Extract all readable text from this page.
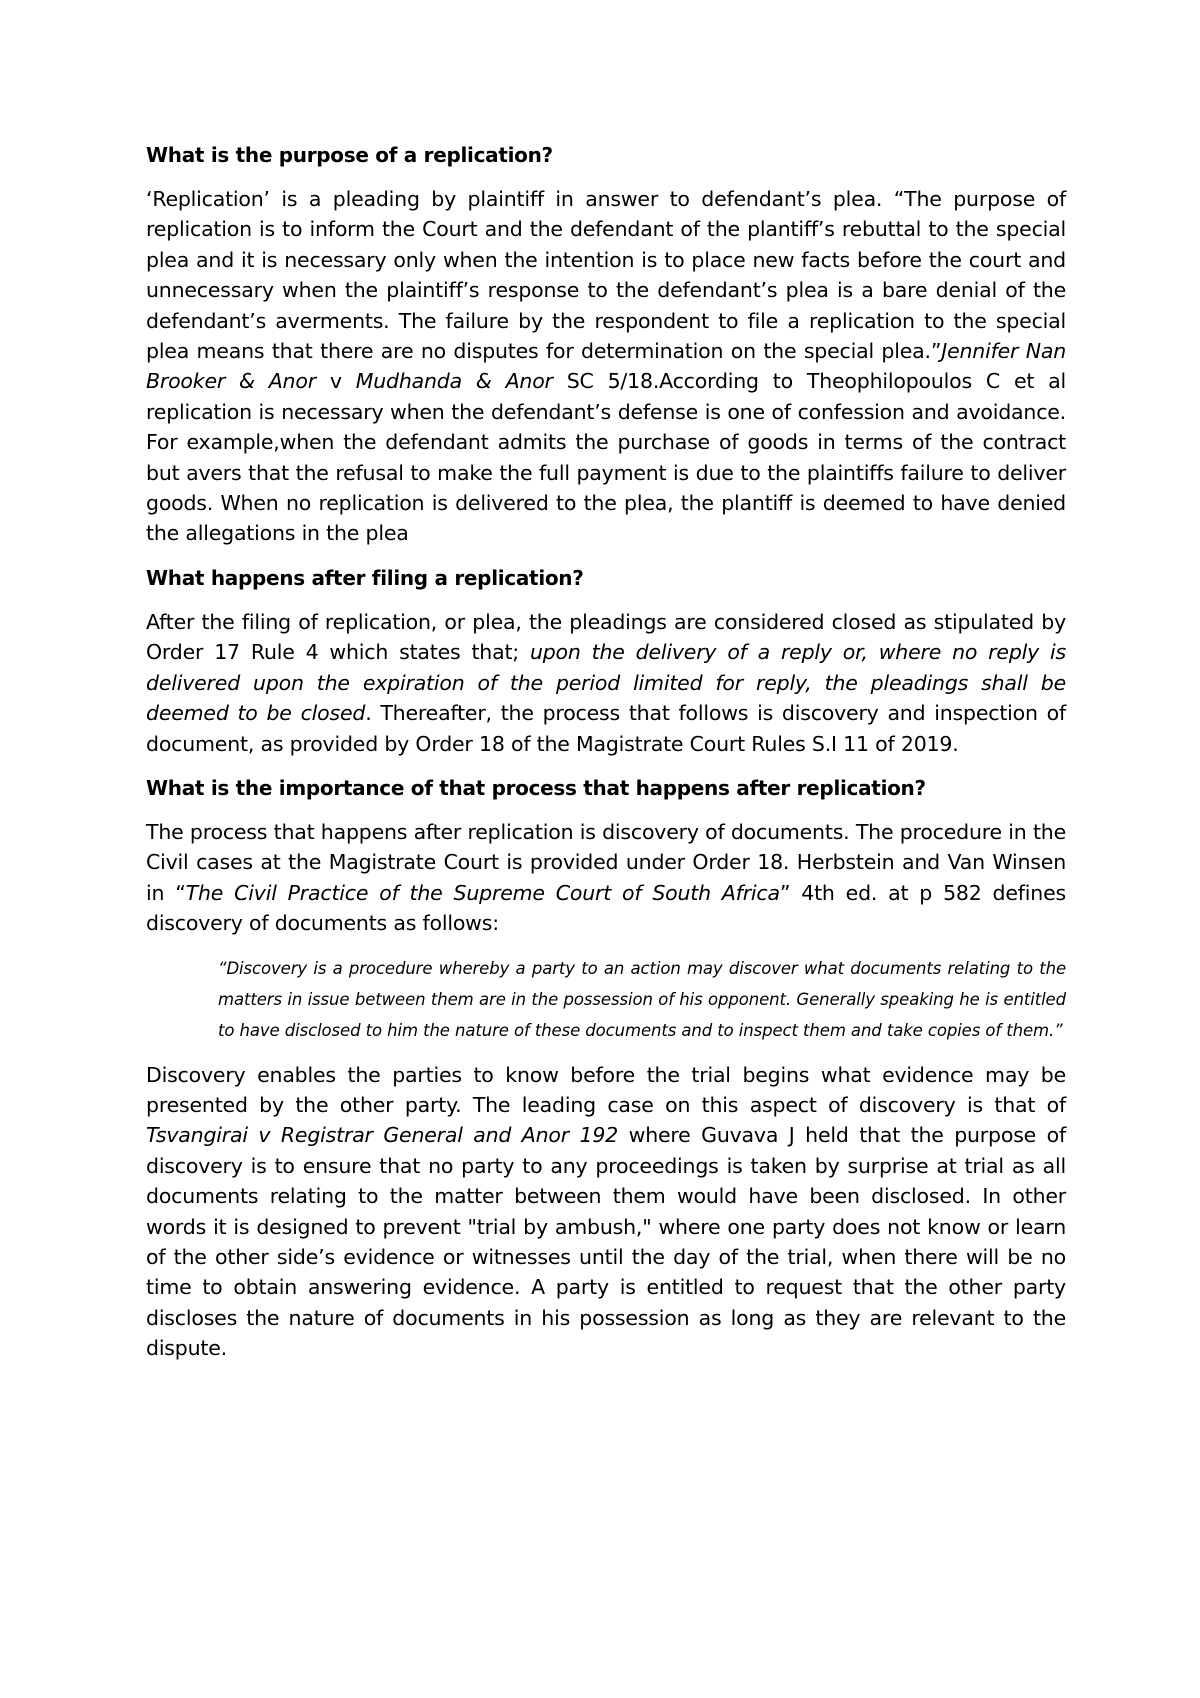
What is the purpose of a replication?

‘Replication’ is a pleading by plaintiff in answer to defendant’s plea. “The purpose of replication is to inform the Court and the defendant of the plantiff’s rebuttal to the special plea and it is necessary only when the intention is to place new facts before the court and unnecessary when the plaintiff’s response to the defendant’s plea is a bare denial of the defendant’s averments. The failure by the respondent to file a replication to the special plea means that there are no disputes for determination on the special plea.”Jennifer Nan Brooker & Anor v Mudhanda & Anor SC 5/18.According to Theophilopoulos C et al replication is necessary when the defendant’s defense is one of confession and avoidance. For example,when the defendant admits the purchase of goods in terms of the contract but avers that the refusal to make the full payment is due to the plaintiffs failure to deliver goods. When no replication is delivered to the plea, the plantiff is deemed to have denied the allegations in the plea

What happens after filing a replication?

After the filing of replication, or plea, the pleadings are considered closed as stipulated by Order 17 Rule 4 which states that; upon the delivery of a reply or, where no reply is delivered upon the expiration of the period limited for reply, the pleadings shall be deemed to be closed. Thereafter, the process that follows is discovery and inspection of document, as provided by Order 18 of the Magistrate Court Rules S.I 11 of 2019.

What is the importance of that process that happens after replication?

The process that happens after replication is discovery of documents. The procedure in the Civil cases at the Magistrate Court is provided under Order 18. Herbstein and Van Winsen in “The Civil Practice of the Supreme Court of South Africa” 4th ed. at p 582 defines discovery of documents as follows:

“Discovery is a procedure whereby a party to an action may discover what documents relating to the matters in issue between them are in the possession of his opponent. Generally speaking he is entitled to have disclosed to him the nature of these documents and to inspect them and take copies of them.”

Discovery enables the parties to know before the trial begins what evidence may be presented by the other party. The leading case on this aspect of discovery is that of Tsvangirai v Registrar General and Anor 192 where Guvava J held that the purpose of discovery is to ensure that no party to any proceedings is taken by surprise at trial as all documents relating to the matter between them would have been disclosed. In other words it is designed to prevent "trial by ambush," where one party does not know or learn of the other side’s evidence or witnesses until the day of the trial, when there will be no time to obtain answering evidence. A party is entitled to request that the other party discloses the nature of documents in his possession as long as they are relevant to the dispute.
